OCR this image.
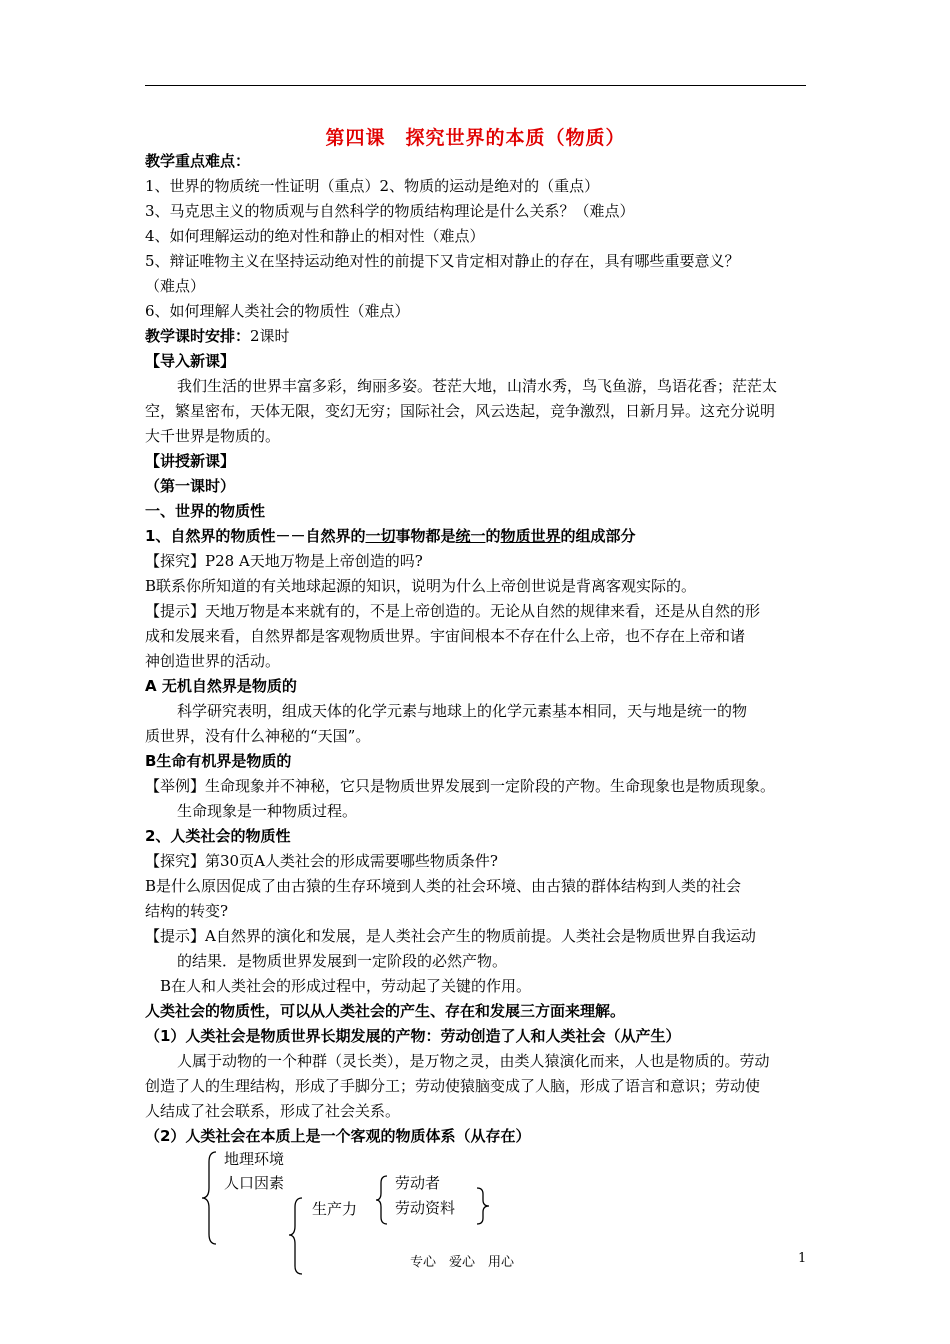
第四课　探究世界的本质（物质）
教学重点难点：
1、世界的物质统一性证明（重点）2、物质的运动是绝对的（重点）
3、马克思主义的物质观与自然科学的物质结构理论是什么关系？（难点）
4、如何理解运动的绝对性和静止的相对性（难点）
5、辩证唯物主义在坚持运动绝对性的前提下又肯定相对静止的存在，具有哪些重要意义？
（难点）
6、如何理解人类社会的物质性（难点）
教学课时安排：2课时
【导入新课】
我们生活的世界丰富多彩，绚丽多姿。苍茫大地，山清水秀，鸟飞鱼游，鸟语花香；茫茫太
空，繁星密布，天体无限，变幻无穷；国际社会，风云迭起，竞争激烈，日新月异。这充分说明
大千世界是物质的。
【讲授新课】
（第一课时）
一、世界的物质性
1、自然界的物质性－－自然界的一切事物都是统一的物质世界的组成部分
【探究】P28 A天地万物是上帝创造的吗?
B联系你所知道的有关地球起源的知识，说明为什么上帝创世说是背离客观实际的。
【提示】天地万物是本来就有的，不是上帝创造的。无论从自然的规律来看，还是从自然的形
成和发展来看，自然界都是客观物质世界。宇宙间根本不存在什么上帝，也不存在上帝和诸
神创造世界的活动。
A 无机自然界是物质的
科学研究表明，组成天体的化学元素与地球上的化学元素基本相同，天与地是统一的物
质世界，没有什么神秘的“天国”。
B生命有机界是物质的
【举例】生命现象并不神秘，它只是物质世界发展到一定阶段的产物。生命现象也是物质现象。
生命现象是一种物质过程。
2、人类社会的物质性
【探究】第30页A人类社会的形成需要哪些物质条件?
B是什么原因促成了由古猿的生存环境到人类的社会环境、由古猿的群体结构到人类的社会
结构的转变?
【提示】A自然界的演化和发展，是人类社会产生的物质前提。人类社会是物质世界自我运动
的结果．是物质世界发展到一定阶段的必然产物。
B在人和人类社会的形成过程中，劳动起了关键的作用。
人类社会的物质性，可以从人类社会的产生、存在和发展三方面来理解。
（1）人类社会是物质世界长期发展的产物：劳动创造了人和人类社会（从产生）
人属于动物的一个种群（灵长类），是万物之灵，由类人猿演化而来，人也是物质的。劳动
创造了人的生理结构，形成了手脚分工；劳动使猿脑变成了人脑，形成了语言和意识；劳动使
人结成了社会联系，形成了社会关系。
（2）人类社会在本质上是一个客观的物质体系（从存在）
地理环境
人口因素
生产力
劳动者
劳动资料
专心　爱心　用心	1
